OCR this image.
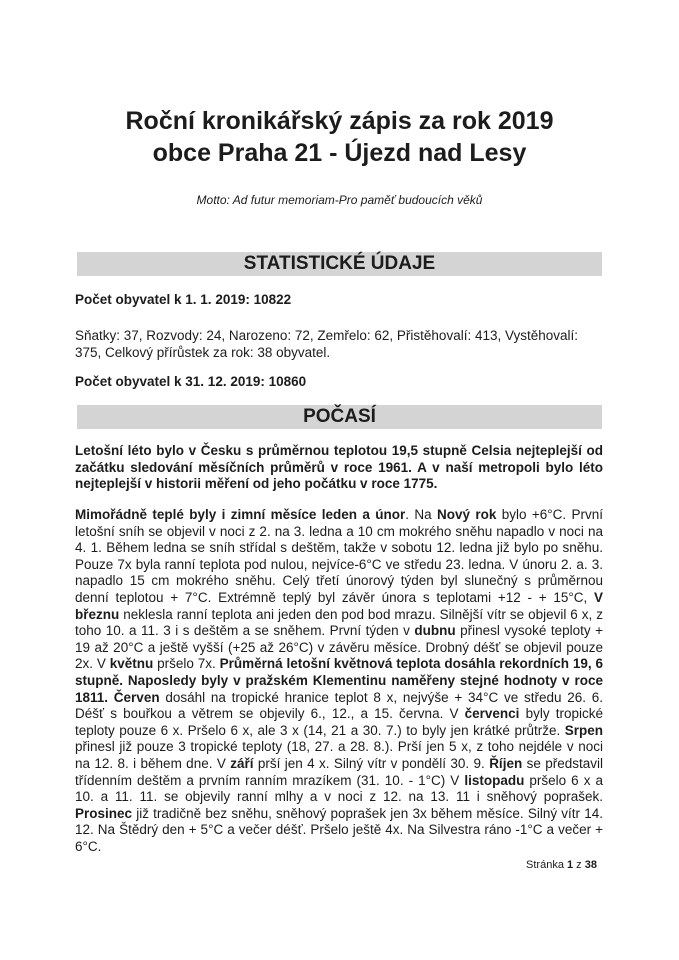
Roční kronikářský zápis za rok 2019
obce Praha 21 - Újezd nad Lesy
Motto: Ad futur memoriam-Pro paměť budoucích věků
STATISTICKÉ ÚDAJE

Počet obyvatel k 1. 1. 2019: 10822

Sňatky: 37, Rozvody: 24, Narozeno: 72, Zemřelo: 62, Přistěhovalí: 413, Vystěhovalí: 375, Celkový přírůstek za rok: 38 obyvatel.

Počet obyvatel k 31. 12. 2019: 10860

POČASÍ

Letošní léto bylo v Česku s průměrnou teplotou 19,5 stupně Celsia nejteplejší od začátku sledování měsíčních průměrů v roce 1961. A v naší metropoli bylo léto nejteplejší v historii měření od jeho počátku v roce 1775.

Mimořádně teplé byly i zimní měsíce leden a únor. Na Nový rok bylo +6°C. První letošní sníh se objevil v noci z 2. na 3. ledna a 10 cm mokrého sněhu napadlo v noci na 4. 1. Během ledna se sníh střídal s deštěm, takže v sobotu 12. ledna již bylo po sněhu. Pouze 7x byla ranní teplota pod nulou, nejvíce-6°C ve středu 23. ledna. V únoru 2. a. 3. napadlo 15 cm mokrého sněhu. Celý třetí únorový týden byl slunečný s průměrnou denní teplotou + 7°C. Extrémně teplý byl závěr února s teplotami +12 - + 15°C, V březnu neklesla ranní teplota ani jeden den pod bod mrazu. Silnější vítr se objevil 6 x, z toho 10. a 11. 3 i s deštěm a se sněhem. První týden v dubnu přinesl vysoké teploty + 19 až 20°C a ještě vyšší (+25 až 26°C) v závěru měsíce. Drobný déšť se objevil pouze 2x. V květnu pršelo 7x. Průměrná letošní květnová teplota dosáhla rekordních 19, 6 stupně. Naposledy byly v pražském Klementinu naměřeny stejné hodnoty v roce 1811. Červen dosáhl na tropické hranice teplot 8 x, nejvýše + 34°C ve středu 26. 6. Déšť s bouřkou a větrem se objevily 6., 12., a 15. června. V červenci byly tropické teploty pouze 6 x. Pršelo 6 x, ale 3 x (14, 21 a 30. 7.) to byly jen krátké průtrže. Srpen přinesl již pouze 3 tropické teploty (18, 27. a 28. 8.). Prší jen 5 x, z toho nejdéle v noci na 12. 8. i během dne. V září prší jen 4 x. Silný vítr v pondělí 30. 9. Říjen se představil třídenním deštěm a prvním ranním mrazíkem (31. 10. - 1°C) V listopadu pršelo 6 x a 10. a 11. 11. se objevily ranní mlhy a v noci z 12. na 13. 11 i sněhový poprašek. Prosinec již tradičně bez sněhu, sněhový poprašek jen 3x během měsíce. Silný vítr 14. 12. Na Štědrý den + 5°C a večer déšť. Pršelo ještě 4x. Na Silvestra ráno -1°C a večer + 6°C.

Stránka 1 z 38
